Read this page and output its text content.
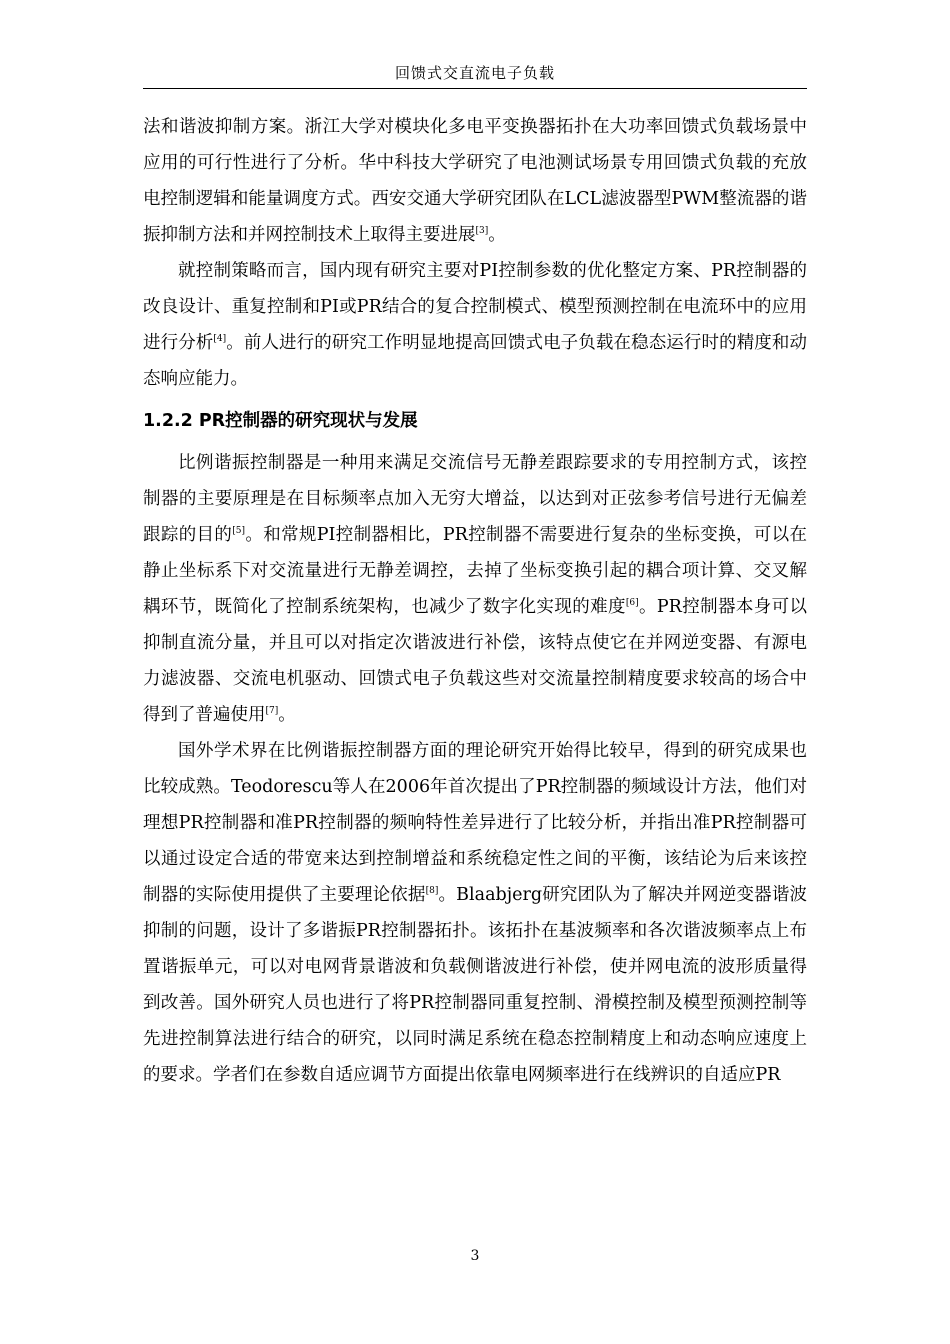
回馈式交直流电子负载

法和谐波抑制方案。浙江大学对模块化多电平变换器拓扑在大功率回馈式负载场景中应用的可行性进行了分析。华中科技大学研究了电池测试场景专用回馈式负载的充放电控制逻辑和能量调度方式。西安交通大学研究团队在LCL滤波器型PWM整流器的谐振抑制方法和并网控制技术上取得主要进展[3]。

就控制策略而言，国内现有研究主要对PI控制参数的优化整定方案、PR控制器的改良设计、重复控制和PI或PR结合的复合控制模式、模型预测控制在电流环中的应用进行分析[4]。前人进行的研究工作明显地提高回馈式电子负载在稳态运行时的精度和动态响应能力。

1.2.2 PR控制器的研究现状与发展

比例谐振控制器是一种用来满足交流信号无静差跟踪要求的专用控制方式，该控制器的主要原理是在目标频率点加入无穷大增益，以达到对正弦参考信号进行无偏差跟踪的目的[5]。和常规PI控制器相比，PR控制器不需要进行复杂的坐标变换，可以在静止坐标系下对交流量进行无静差调控，去掉了坐标变换引起的耦合项计算、交叉解耦环节，既简化了控制系统架构，也减少了数字化实现的难度[6]。PR控制器本身可以抑制直流分量，并且可以对指定次谐波进行补偿，该特点使它在并网逆变器、有源电力滤波器、交流电机驱动、回馈式电子负载这些对交流量控制精度要求较高的场合中得到了普遍使用[7]。

国外学术界在比例谐振控制器方面的理论研究开始得比较早，得到的研究成果也比较成熟。Teodorescu等人在2006年首次提出了PR控制器的频域设计方法，他们对理想PR控制器和准PR控制器的频响特性差异进行了比较分析，并指出准PR控制器可以通过设定合适的带宽来达到控制增益和系统稳定性之间的平衡，该结论为后来该控制器的实际使用提供了主要理论依据[8]。Blaabjerg研究团队为了解决并网逆变器谐波抑制的问题，设计了多谐振PR控制器拓扑。该拓扑在基波频率和各次谐波频率点上布置谐振单元，可以对电网背景谐波和负载侧谐波进行补偿，使并网电流的波形质量得到改善。国外研究人员也进行了将PR控制器同重复控制、滑模控制及模型预测控制等先进控制算法进行结合的研究，以同时满足系统在稳态控制精度上和动态响应速度上的要求。学者们在参数自适应调节方面提出依靠电网频率进行在线辨识的自适应PR

3
